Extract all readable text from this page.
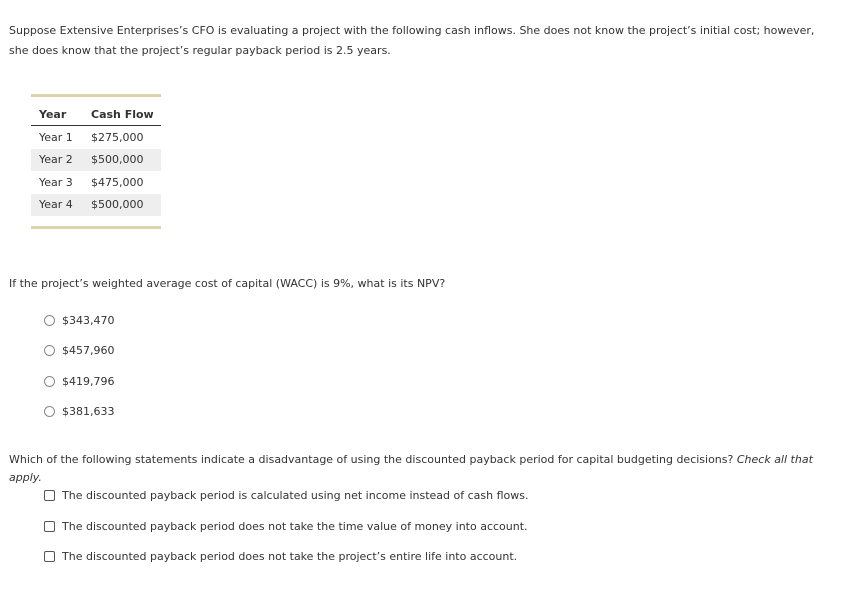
Suppose Extensive Enterprises’s CFO is evaluating a project with the following cash inflows. She does not know the project’s initial cost; however, she does know that the project’s regular payback period is 2.5 years.
Year	Cash Flow
Year 1	$275,000
Year 2	$500,000
Year 3	$475,000
Year 4	$500,000
If the project’s weighted average cost of capital (WACC) is 9%, what is its NPV?
$343,470
$457,960
$419,796
$381,633
Which of the following statements indicate a disadvantage of using the discounted payback period for capital budgeting decisions? Check all that apply.
The discounted payback period is calculated using net income instead of cash flows.
The discounted payback period does not take the time value of money into account.
The discounted payback period does not take the project’s entire life into account.
